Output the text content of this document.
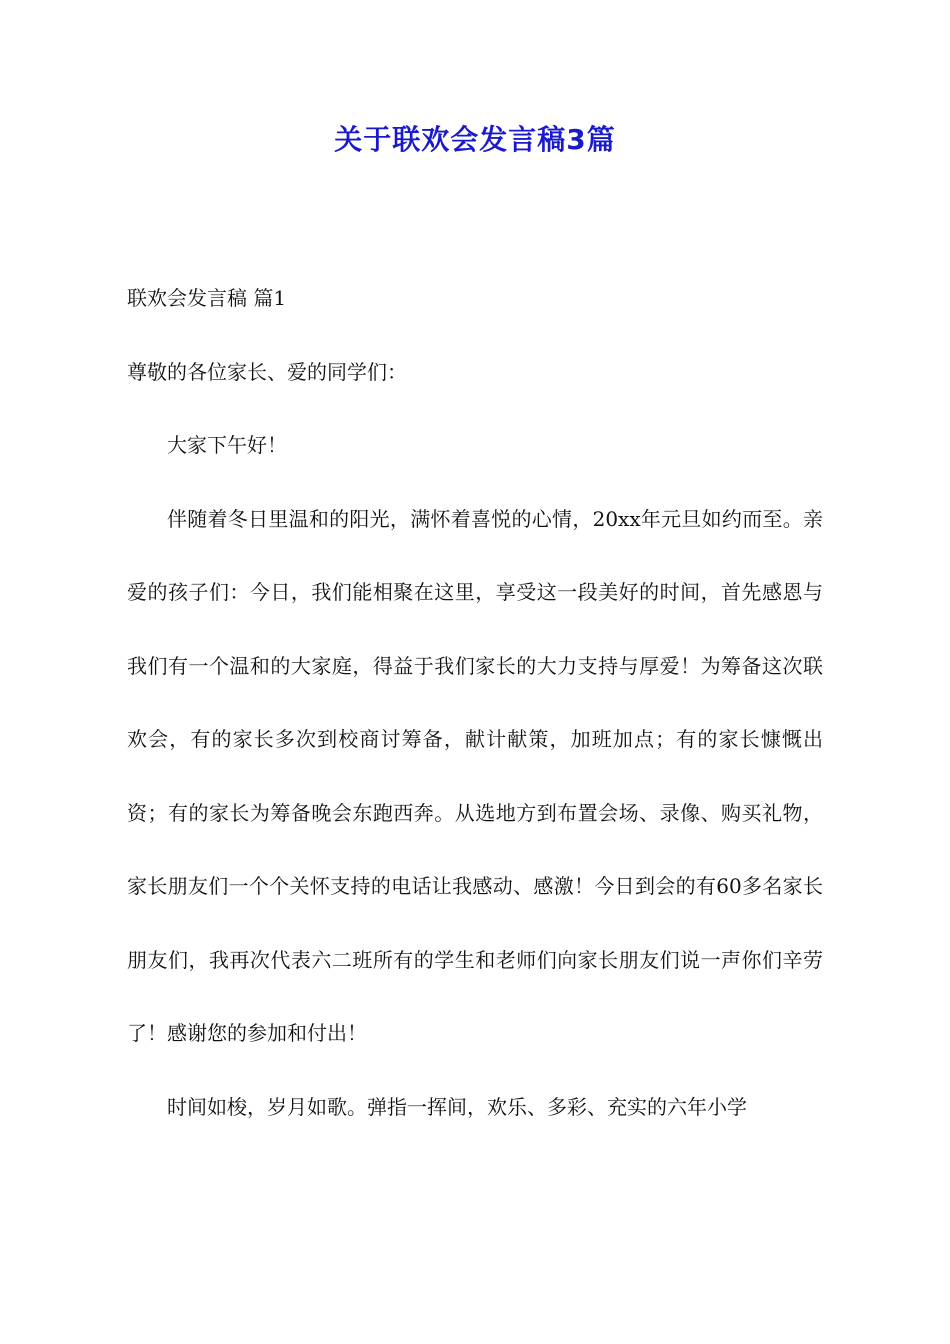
关于联欢会发言稿3篇

联欢会发言稿 篇1

尊敬的各位家长、爱的同学们：

大家下午好！

伴随着冬日里温和的阳光，满怀着喜悦的心情，20xx年元旦如约而至。亲爱的孩子们：今日，我们能相聚在这里，享受这一段美好的时间，首先感恩与我们有一个温和的大家庭，得益于我们家长的大力支持与厚爱！为筹备这次联欢会，有的家长多次到校商讨筹备，献计献策，加班加点；有的家长慷慨出资；有的家长为筹备晚会东跑西奔。从选地方到布置会场、录像、购买礼物，家长朋友们一个个关怀支持的电话让我感动、感激！今日到会的有60多名家长朋友们，我再次代表六二班所有的学生和老师们向家长朋友们说一声你们辛劳了！感谢您的参加和付出！

时间如梭，岁月如歌。弹指一挥间，欢乐、多彩、充实的六年小学
